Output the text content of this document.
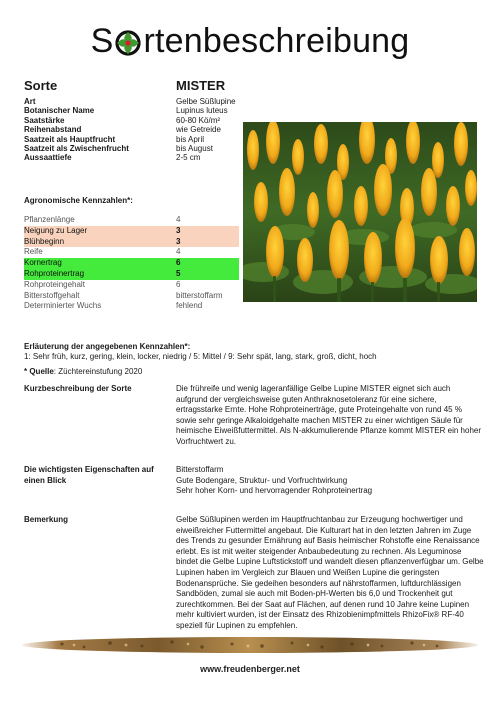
S rtenbeschreibung
Sorte	MISTER
Art	Gelbe Süßlupine
Botanischer Name	Lupinus luteus
Saatstärke	60-80 Kö/m²
Reihenabstand	wie Getreide
Saatzeit als Hauptfrucht	bis April
Saatzeit als Zwischenfrucht	bis August
Aussaattiefe	2-5 cm
Agronomische Kennzahlen*:
Pflanzenlänge	4
Neigung zu Lager	3
Blühbeginn	3
Reife	4
Kornertrag	6
Rohproteinertrag	5
Rohproteingehalt	6
Bitterstoffgehalt	bitterstoffarm
Determinierter Wuchs	fehlend
Erläuterung der angegebenen Kennzahlen*:
1: Sehr früh, kurz, gering, klein, locker, niedrig / 5: Mittel / 9: Sehr spät, lang, stark, groß, dicht, hoch
* Quelle: Züchtereinstufung 2020
Kurzbeschreibung der Sorte	Die frühreife und wenig lageranfällige Gelbe Lupine MISTER eignet sich auch aufgrund der vergleichsweise guten Anthraknosetoleranz für eine sichere, ertragsstarke Ernte. Hohe Rohproteinerträge, gute Proteingehalte von rund 45 % sowie sehr geringe Alkaloidgehalte machen MISTER zu einer wichtigen Säule für heimische Eiweißfuttermittel. Als N-akkumulierende Pflanze kommt MISTER ein hoher Vorfruchtwert zu.
Die wichtigsten Eigenschaften auf einen Blick
Bitterstoffarm
Gute Bodengare, Struktur- und Vorfruchtwirkung
Sehr hoher Korn- und hervorragender Rohproteinertrag
Bemerkung	Gelbe Süßlupinen werden im Hauptfruchtanbau zur Erzeugung hochwertiger und eiweißreicher Futtermittel angebaut. Die Kulturart hat in den letzten Jahren im Zuge des Trends zu gesunder Ernährung auf Basis heimischer Rohstoffe eine Renaissance erlebt. Es ist mit weiter steigender Anbaubedeutung zu rechnen. Als Leguminose bindet die Gelbe Lupine Luftstickstoff und wandelt diesen pflanzenverfügbar um. Gelbe Lupinen haben im Vergleich zur Blauen und Weißen Lupine die geringsten Bodenansprüche. Sie gedeihen besonders auf nährstoffarmen, luftdurchlässigen Sandböden, zumal sie auch mit Boden-pH-Werten bis 6,0 und Trockenheit gut zurechtkommen. Bei der Saat auf Flächen, auf denen rund 10 Jahre keine Lupinen mehr kultiviert wurden, ist der Einsatz des Rhizobienimpfmittels RhizoFix® RF-40 speziell für Lupinen zu empfehlen.
www.freudenberger.net
